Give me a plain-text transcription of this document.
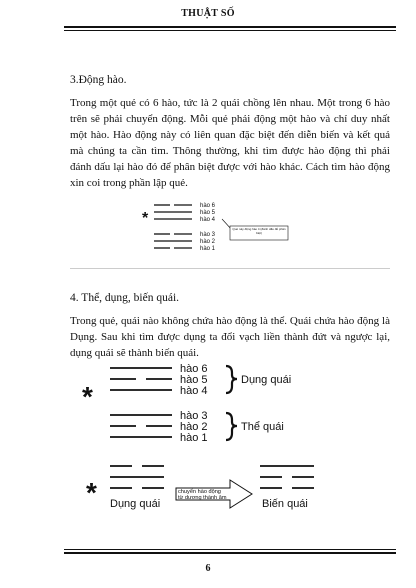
THUẬT SỐ

3.Động hào.

Trong một quẻ có 6 hào, tức là 2 quái chồng lên nhau. Một trong 6 hào trên sẽ phải chuyển động. Mỗi quẻ phải động một hào và chỉ duy nhất một hào. Hào động này có liên quan đặc biệt đến diễn biến và kết quả mà chúng ta cần tìm. Thông thường, khi tìm được hào động thì phải đánh dấu lại hào đó để phân biệt được với hào khác. Cách tìm hào động xin coi trong phần lập quẻ.

hào 6
hào 5
hào 4
*
hào 3
hào 2
hào 1
Quẻ này động hào 4 (đánh dấu để phân biệt)

4. Thể, dụng, biến quái.

Trong quẻ, quái nào không chứa hào động là thể. Quái chứa hào động là Dụng. Sau khi tìm được dụng ta đổi vạch liền thành đứt và ngược lại, dụng quái sẽ thành biến quái.

hào 6
hào 5
hào 4
*
Dụng quái
hào 3
hào 2
hào 1
Thể quái
* Dụng quái
chuyển hào động
từ dương thành âm	Biến quái
6
